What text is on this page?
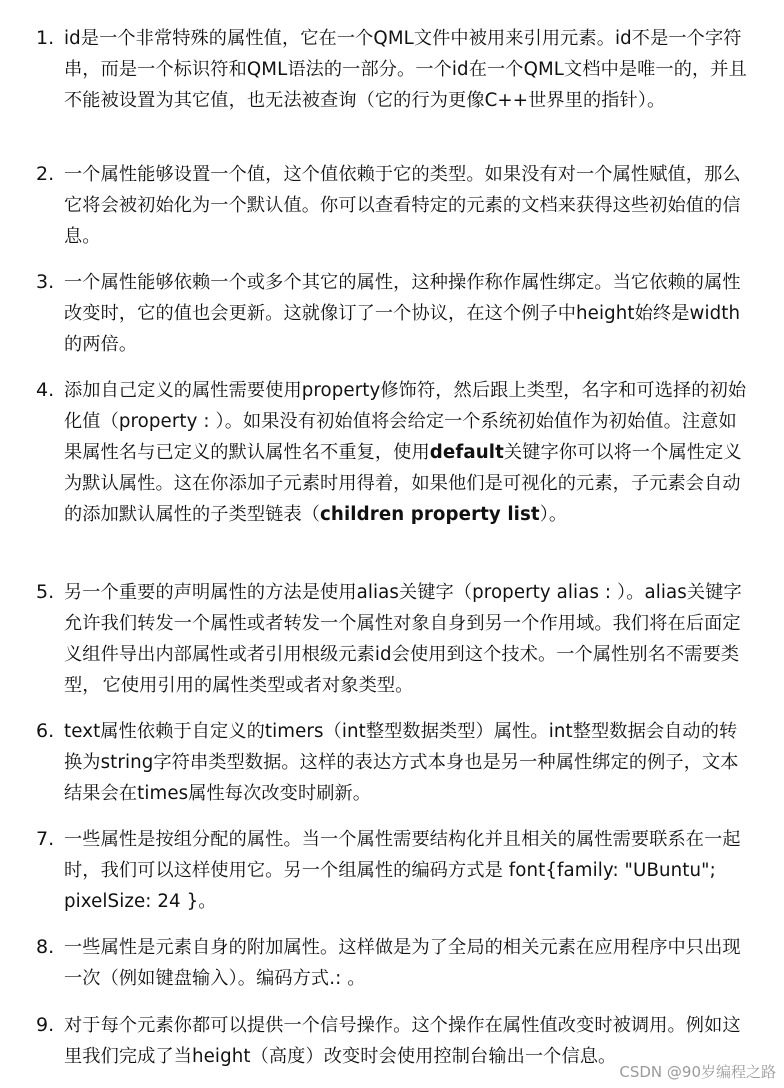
1. id是一个非常特殊的属性值，它在一个QML文件中被用来引用元素。id不是一个字符串，而是一个标识符和QML语法的一部分。一个id在一个QML文档中是唯一的，并且不能被设置为其它值，也无法被查询（它的行为更像C++世界里的指针）。
2. 一个属性能够设置一个值，这个值依赖于它的类型。如果没有对一个属性赋值，那么它将会被初始化为一个默认值。你可以查看特定的元素的文档来获得这些初始值的信息。
3. 一个属性能够依赖一个或多个其它的属性，这种操作称作属性绑定。当它依赖的属性改变时，它的值也会更新。这就像订了一个协议，在这个例子中height始终是width的两倍。
4. 添加自己定义的属性需要使用property修饰符，然后跟上类型，名字和可选择的初始化值（property : ）。如果没有初始值将会给定一个系统初始值作为初始值。注意如果属性名与已定义的默认属性名不重复，使用default关键字你可以将一个属性定义为默认属性。这在你添加子元素时用得着，如果他们是可视化的元素，子元素会自动的添加默认属性的子类型链表（children property list）。
5. 另一个重要的声明属性的方法是使用alias关键字（property alias : ）。alias关键字允许我们转发一个属性或者转发一个属性对象自身到另一个作用域。我们将在后面定义组件导出内部属性或者引用根级元素id会使用到这个技术。一个属性别名不需要类型， 它使用引用的属性类型或者对象类型。
6. text属性依赖于自定义的timers（int整型数据类型）属性。int整型数据会自动的转换为string字符串类型数据。这样的表达方式本身也是另一种属性绑定的例子，文本结果会在times属性每次改变时刷新。
7. 一些属性是按组分配的属性。当一个属性需要结构化并且相关的属性需要联系在一起时，我们可以这样使用它。另一个组属性的编码方式是 font{family: "UBuntu"; pixelSize: 24 }。
8. 一些属性是元素自身的附加属性。这样做是为了全局的相关元素在应用程序中只出现一次（例如键盘输入）。编码方式.: 。
9. 对于每个元素你都可以提供一个信号操作。这个操作在属性值改变时被调用。例如这里我们完成了当height（高度）改变时会使用控制台输出一个信息。
CSDN @90岁编程之路
